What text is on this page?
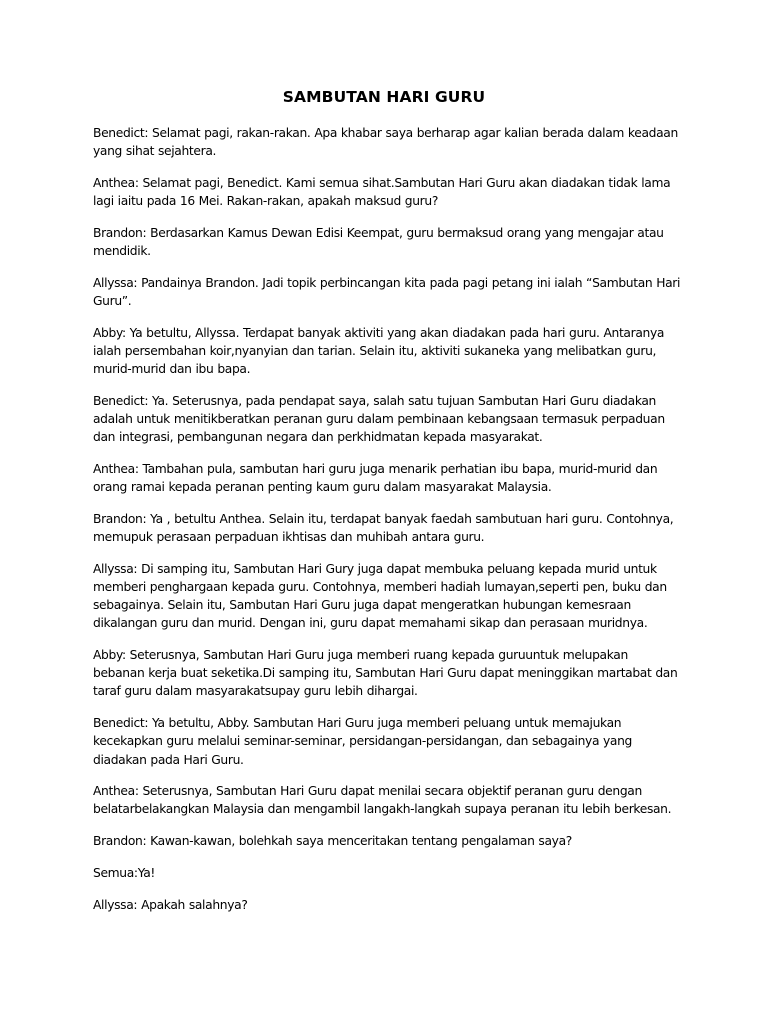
SAMBUTAN HARI GURU

Benedict: Selamat pagi, rakan-rakan. Apa khabar saya berharap agar kalian berada dalam keadaan yang sihat sejahtera.

Anthea: Selamat pagi, Benedict. Kami semua sihat.Sambutan Hari Guru akan diadakan tidak lama lagi iaitu pada 16 Mei. Rakan-rakan, apakah maksud guru?

Brandon: Berdasarkan Kamus Dewan Edisi Keempat, guru bermaksud orang yang mengajar atau mendidik.

Allyssa: Pandainya Brandon. Jadi topik perbincangan kita pada pagi petang ini ialah “Sambutan Hari Guru”.

Abby: Ya betultu, Allyssa. Terdapat banyak aktiviti yang akan diadakan pada hari guru. Antaranya ialah persembahan koir,nyanyian dan tarian. Selain itu, aktiviti sukaneka yang melibatkan guru, murid-murid dan ibu bapa.

Benedict: Ya. Seterusnya, pada pendapat saya, salah satu tujuan Sambutan Hari Guru diadakan adalah untuk menitikberatkan peranan guru dalam pembinaan kebangsaan termasuk perpaduan dan integrasi, pembangunan negara dan perkhidmatan kepada masyarakat.

Anthea: Tambahan pula, sambutan hari guru juga menarik perhatian ibu bapa, murid-murid dan orang ramai kepada peranan penting kaum guru dalam masyarakat Malaysia.

Brandon: Ya , betultu Anthea. Selain itu, terdapat banyak faedah sambutuan hari guru. Contohnya, memupuk perasaan perpaduan ikhtisas dan muhibah antara guru.

Allyssa: Di samping itu, Sambutan Hari Gury juga dapat membuka peluang kepada murid untuk memberi penghargaan kepada guru. Contohnya, memberi hadiah lumayan,seperti pen, buku dan sebagainya. Selain itu, Sambutan Hari Guru juga dapat mengeratkan hubungan kemesraan dikalangan guru dan murid. Dengan ini, guru dapat memahami sikap dan perasaan muridnya.

Abby: Seterusnya, Sambutan Hari Guru juga memberi ruang kepada guruuntuk melupakan bebanan kerja buat seketika.Di samping itu, Sambutan Hari Guru dapat meninggikan martabat dan taraf guru dalam masyarakatsupay guru lebih dihargai.

Benedict: Ya betultu, Abby. Sambutan Hari Guru juga memberi peluang untuk memajukan kecekapkan guru melalui seminar-seminar, persidangan-persidangan, dan sebagainya yang diadakan pada Hari Guru.

Anthea: Seterusnya, Sambutan Hari Guru dapat menilai secara objektif peranan guru dengan belatarbelakangkan Malaysia dan mengambil langakh-langkah supaya peranan itu lebih berkesan.

Brandon: Kawan-kawan, bolehkah saya menceritakan tentang pengalaman saya?

Semua:Ya!

Allyssa: Apakah salahnya?
